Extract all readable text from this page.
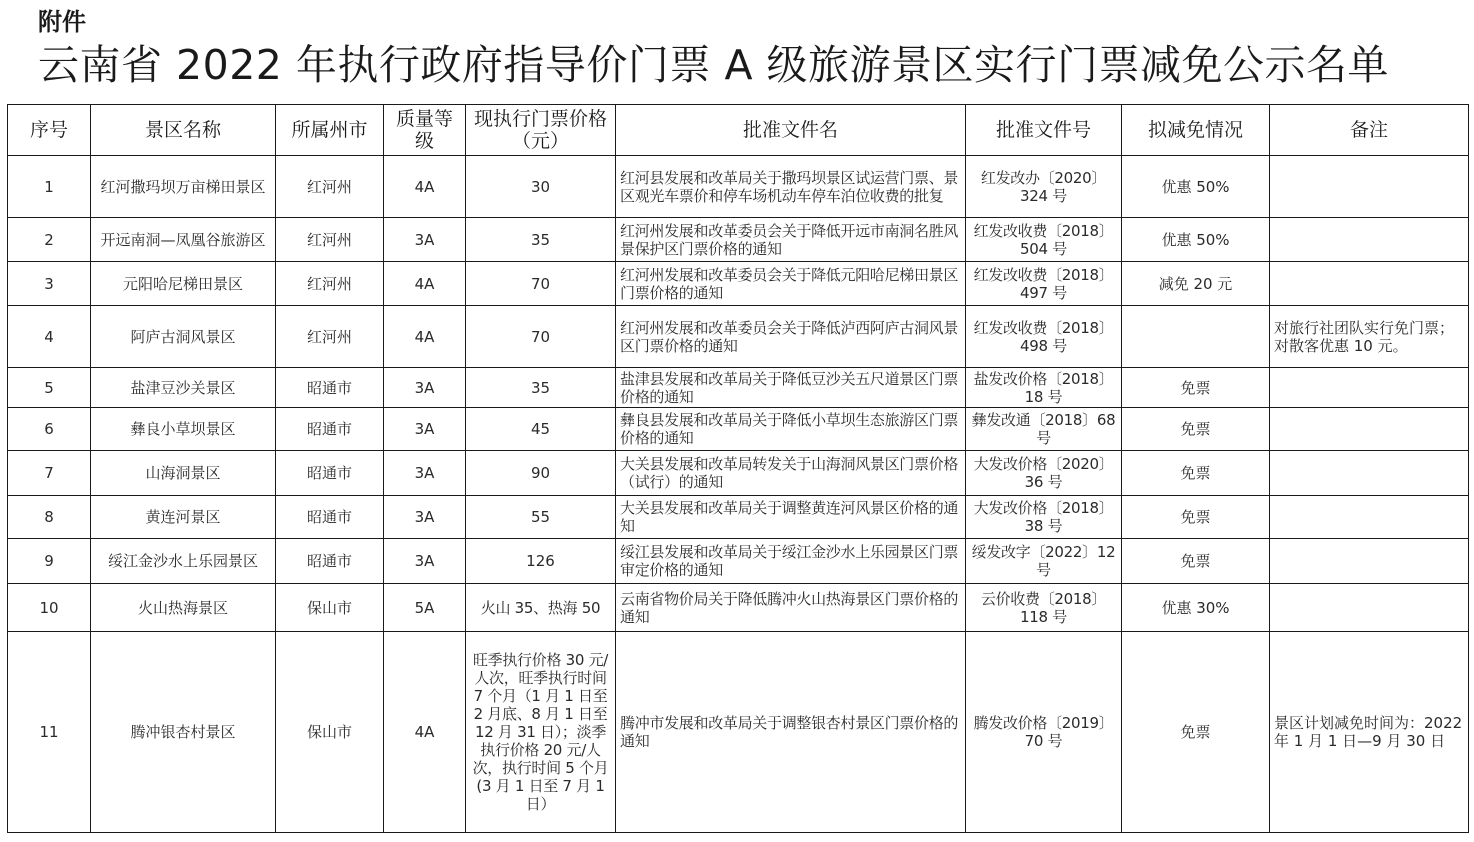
附件
云南省 2022 年执行政府指导价门票 A 级旅游景区实行门票减免公示名单
序号	景区名称	所属州市	质量等级	现执行门票价格（元）	批准文件名	批准文件号	拟减免情况	备注
1	红河撒玛坝万亩梯田景区	红河州	4A	30	红河县发展和改革局关于撒玛坝景区试运营门票、景区观光车票价和停车场机动车停车泊位收费的批复	红发改办〔2020〕324 号	优惠 50%	
2	开远南洞—凤凰谷旅游区	红河州	3A	35	红河州发展和改革委员会关于降低开远市南洞名胜风景保护区门票价格的通知	红发改收费〔2018〕504 号	优惠 50%	
3	元阳哈尼梯田景区	红河州	4A	70	红河州发展和改革委员会关于降低元阳哈尼梯田景区门票价格的通知	红发改收费〔2018〕497 号	减免 20 元	
4	阿庐古洞风景区	红河州	4A	70	红河州发展和改革委员会关于降低泸西阿庐古洞风景区门票价格的通知	红发改收费〔2018〕498 号		对旅行社团队实行免门票；对散客优惠 10 元。
5	盐津豆沙关景区	昭通市	3A	35	盐津县发展和改革局关于降低豆沙关五尺道景区门票价格的通知	盐发改价格〔2018〕18 号	免票	
6	彝良小草坝景区	昭通市	3A	45	彝良县发展和改革局关于降低小草坝生态旅游区门票价格的通知	彝发改通〔2018〕68 号	免票	
7	山海洞景区	昭通市	3A	90	大关县发展和改革局转发关于山海洞风景区门票价格（试行）的通知	大发改价格〔2020〕36 号	免票	
8	黄连河景区	昭通市	3A	55	大关县发展和改革局关于调整黄连河风景区价格的通知	大发改价格〔2018〕38 号	免票	
9	绥江金沙水上乐园景区	昭通市	3A	126	绥江县发展和改革局关于绥江金沙水上乐园景区门票审定价格的通知	绥发改字〔2022〕12 号	免票	
10	火山热海景区	保山市	5A	火山 35、热海 50	云南省物价局关于降低腾冲火山热海景区门票价格的通知	云价收费〔2018〕118 号	优惠 30%	
11	腾冲银杏村景区	保山市	4A	旺季执行价格 30 元/人次，旺季执行时间 7 个月（1 月 1 日至 2 月底、8 月 1 日至 12 月 31 日）；淡季执行价格 20 元/人次，执行时间 5 个月(3 月 1 日至 7 月 1 日）	腾冲市发展和改革局关于调整银杏村景区门票价格的通知	腾发改价格〔2019〕70 号	免票	景区计划减免时间为：2022 年 1 月 1 日—9 月 30 日
